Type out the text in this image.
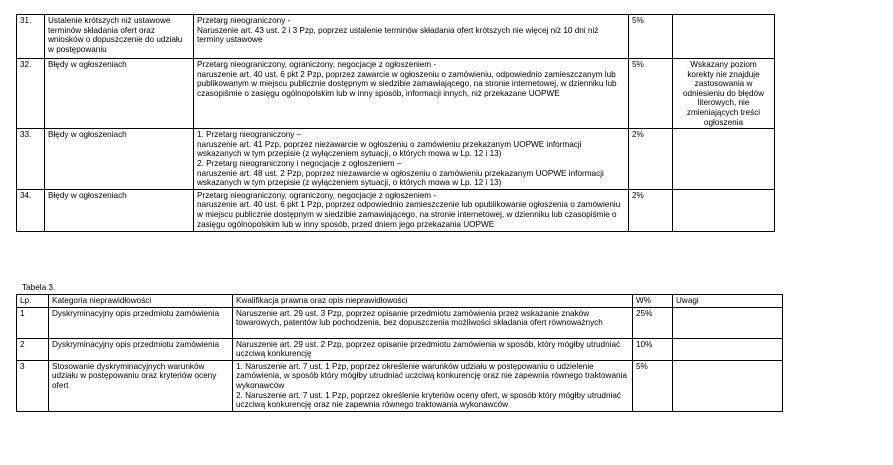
31.	Ustalenie krótszych niż ustawowe terminów składania ofert oraz wniosków o dopuszczenie do udziału w postępowaniu	Przetarg nieograniczony -
Naruszenie art. 43 ust. 2 i 3 Pzp, poprzez ustalenie terminów składania ofert krótszych nie więcej niż 10 dni niż terminy ustawowe	5%	
32.	Błędy w ogłoszeniach	Przetarg nieograniczony, ograniczony, negocjacje z ogłoszeniem -
naruszenie art. 40 ust. 6 pkt 2 Pzp, poprzez zawarcie w ogłoszeniu o zamówieniu, odpowiednio zamieszczanym lub publikowanym w miejscu publicznie dostępnym w siedzibie zamawiającego, na stronie internetowej, w dzienniku lub czasopiśmie o zasięgu ogólnopolskim lub w inny sposób, informacji innych, niż przekazane UOPWE	5%	Wskazany poziom korekty nie znajduje zastosowania w odniesieniu do błędów literowych, nie zmieniających treści ogłoszenia
33.	Błędy w ogłoszeniach	1. Przetarg nieograniczony –
naruszenie art. 41 Pzp, poprzez niezawarcie w ogłoszeniu o zamówieniu przekazanym UOPWE informacji wskazanych w tym przepisie (z wyłączeniem sytuacji, o których mowa w Lp. 12 i 13)
2. Przetarg nieograniczony i negocjacje z ogłoszeniem –
naruszenie art. 48 ust. 2 Pzp, poprzez niezawarcie w ogłoszeniu o zamówieniu przekazanym UOPWE informacji wskazanych w tym przepisie (z wyłączeniem sytuacji, o których mowa w Lp. 12 i 13)	2%	
34.	Błędy w ogłoszeniach	Przetarg nieograniczony, ograniczony, negocjacje z ogłoszeniem -
naruszenie art. 40 ust. 6 pkt 1 Pzp, poprzez odpowiednio zamieszczenie lub opublikowanie ogłoszenia o zamówieniu w miejscu publicznie dostępnym w siedzibie zamawiającego, na stronie internetowej, w dzienniku lub czasopiśmie o zasięgu ogólnopolskim lub w inny sposób, przed dniem jego przekazania UOPWE	2%	
Tabela 3.
Lp.	Kategoria nieprawidłowości	Kwalifikacja prawna oraz opis nieprawidłowości	W%	Uwagi
1	Dyskryminacyjny opis przedmiotu zamówienia	Naruszenie art. 29 ust. 3 Pzp, poprzez opisanie przedmiotu zamówienia przez wskazanie znaków towarowych, patentów lub pochodzenia, bez dopuszczenia możliwości składania ofert równoważnych	25%	
2	Dyskryminacyjny opis przedmiotu zamówienia	Naruszenie art. 29 ust. 2 Pzp, poprzez opisanie przedmiotu zamówienia w sposób, który mógłby utrudniać uczciwą konkurencję	10%	
3	Stosowanie dyskryminacyjnych warunków udziału w postępowaniu oraz kryteriów oceny ofert	1. Naruszenie art. 7 ust. 1 Pzp, poprzez określenie warunków udziału w postępowaniu o udzielenie zamówienia, w sposób który mógłby utrudniać uczciwą konkurencję oraz nie zapewnia równego traktowania wykonawców
2. Naruszenie art. 7 ust. 1 Pzp, poprzez określenie kryteriów oceny ofert, w sposób który mógłby utrudniać uczciwą konkurencję oraz nie zapewnia równego traktowania wykonawców	5%	
